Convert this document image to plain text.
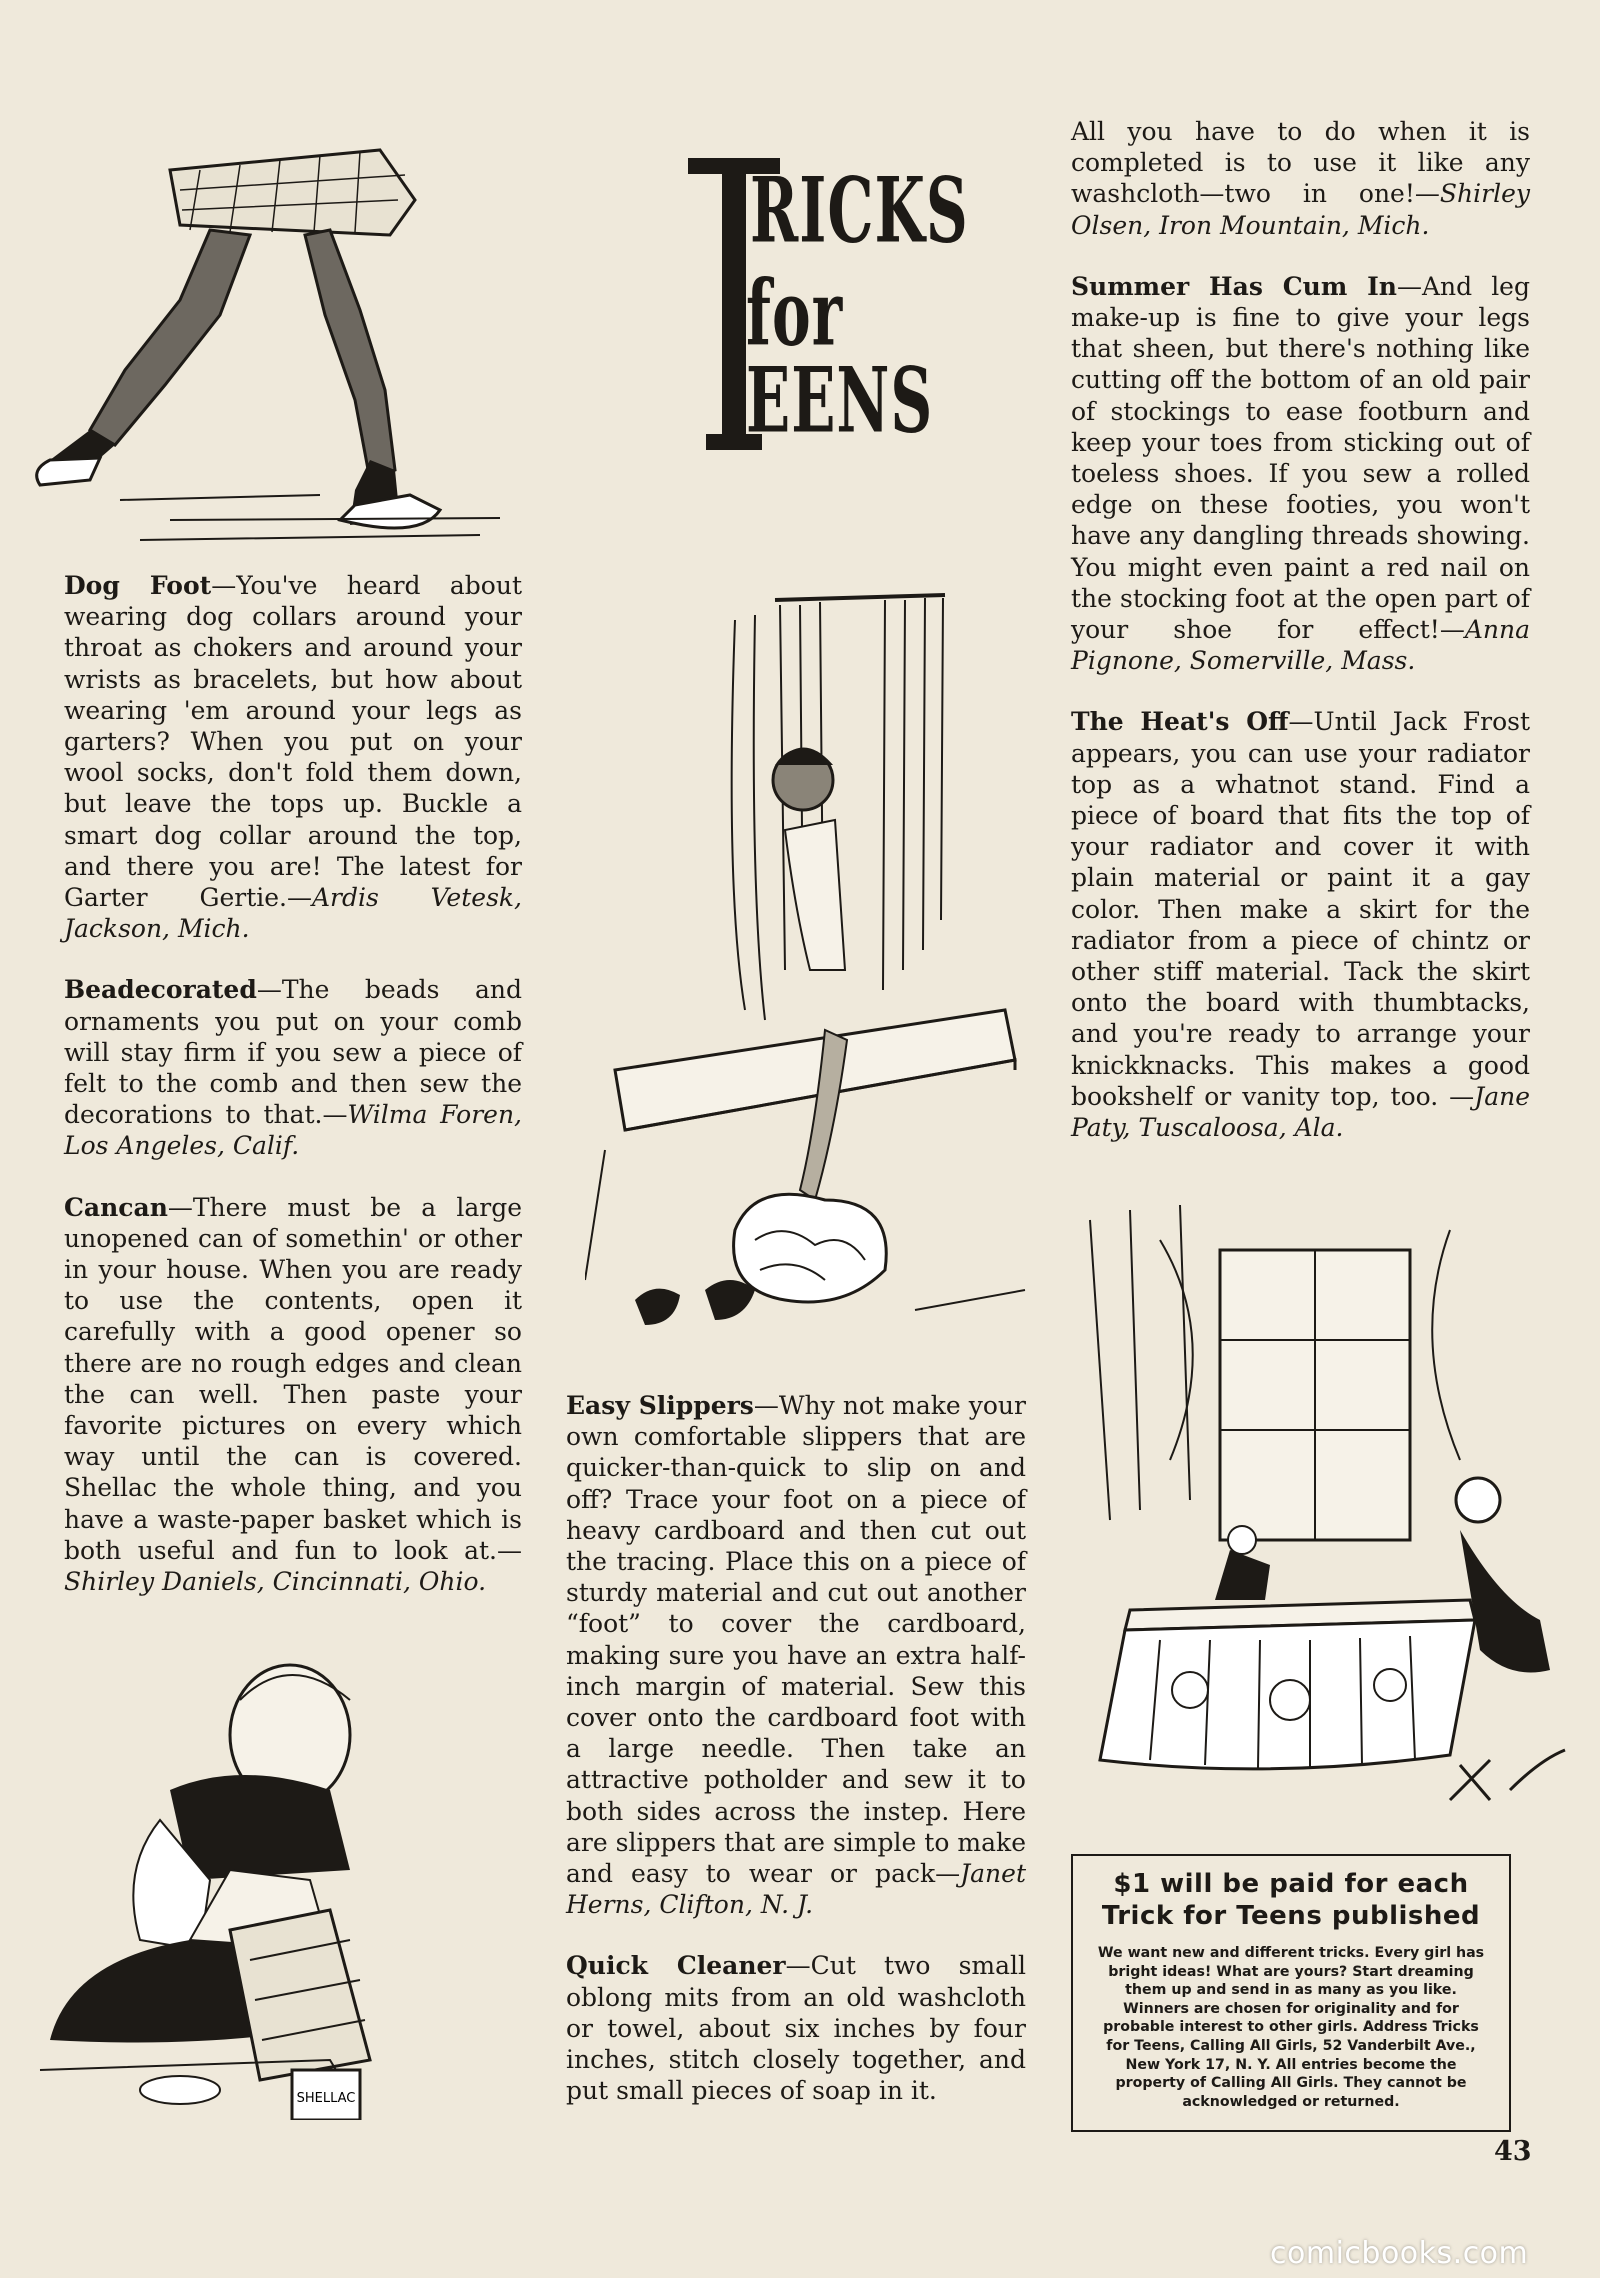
RICKS
for
EENS

Dog Foot—You've heard about wearing dog collars around your throat as chokers and around your wrists as bracelets, but how about wearing 'em around your legs as garters? When you put on your wool socks, don't fold them down, but leave the tops up. Buckle a smart dog collar around the top, and there you are! The latest for Garter Gertie.—Ardis Vetesk, Jackson, Mich.

Beadecorated—The beads and ornaments you put on your comb will stay firm if you sew a piece of felt to the comb and then sew the decorations to that.—Wilma Foren, Los Angeles, Calif.

Cancan—There must be a large unopened can of somethin' or other in your house. When you are ready to use the contents, open it carefully with a good opener so there are no rough edges and clean the can well. Then paste your favorite pictures on every which way until the can is covered. Shellac the whole thing, and you have a waste-paper basket which is both useful and fun to look at.—Shirley Daniels, Cincinnati, Ohio.

Easy Slippers—Why not make your own comfortable slippers that are quicker-than-quick to slip on and off? Trace your foot on a piece of heavy cardboard and then cut out the tracing. Place this on a piece of sturdy material and cut out another “foot” to cover the cardboard, making sure you have an extra half-inch margin of material. Sew this cover onto the cardboard foot with a large needle. Then take an attractive potholder and sew it to both sides across the instep. Here are slippers that are simple to make and easy to wear or pack—Janet Herns, Clifton, N. J.

Quick Cleaner—Cut two small oblong mits from an old washcloth or towel, about six inches by four inches, stitch closely together, and put small pieces of soap in it.

All you have to do when it is completed is to use it like any washcloth—two in one!—Shirley Olsen, Iron Mountain, Mich.

Summer Has Cum In—And leg make-up is fine to give your legs that sheen, but there's nothing like cutting off the bottom of an old pair of stockings to ease footburn and keep your toes from sticking out of toeless shoes. If you sew a rolled edge on these footies, you won't have any dangling threads showing. You might even paint a red nail on the stocking foot at the open part of your shoe for effect!—Anna Pignone, Somerville, Mass.

The Heat's Off—Until Jack Frost appears, you can use your radiator top as a whatnot stand. Find a piece of board that fits the top of your radiator and cover it with plain material or paint it a gay color. Then make a skirt for the radiator from a piece of chintz or other stiff material. Tack the skirt onto the board with thumbtacks, and you're ready to arrange your knickknacks. This makes a good bookshelf or vanity top, too. —Jane Paty, Tuscaloosa, Ala.

SHELLAC
$1 will be paid for each
Trick for Teens published
We want new and different tricks. Every girl has bright ideas! What are yours? Start dreaming them up and send in as many as you like. Winners are chosen for originality and for probable interest to other girls. Address Tricks for Teens, Calling All Girls, 52 Vanderbilt Ave., New York 17, N. Y. All entries become the property of Calling All Girls. They cannot be acknowledged or returned.
43
comicbooks.com
